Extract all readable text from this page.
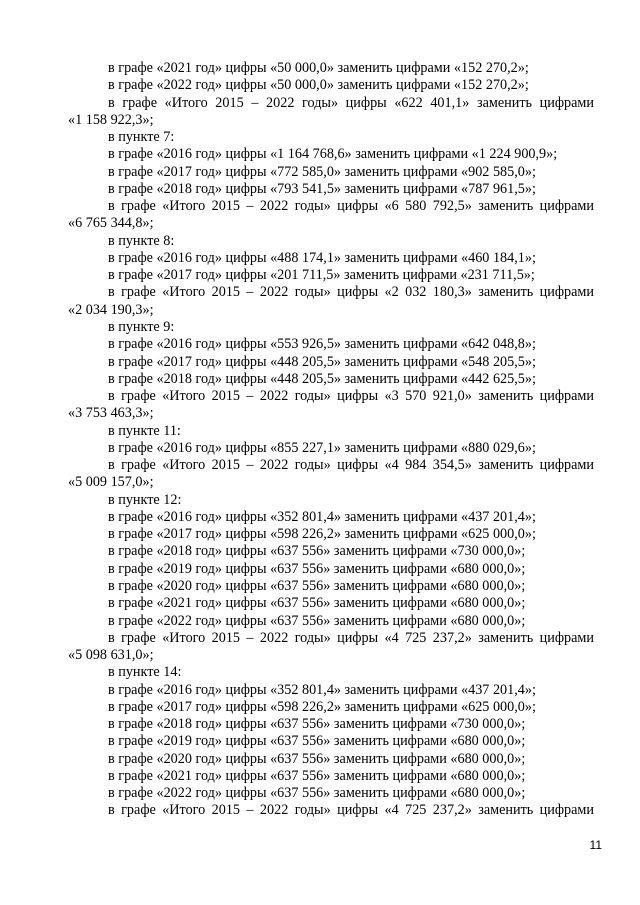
в графе «2021 год» цифры «50 000,0» заменить цифрами «152 270,2»;
в графе «2022 год» цифры «50 000,0» заменить цифрами «152 270,2»;
в графе «Итого 2015 – 2022 годы» цифры «622 401,1» заменить цифрами
«1 158 922,3»;
в пункте 7:
в графе «2016 год» цифры «1 164 768,6» заменить цифрами «1 224 900,9»;
в графе «2017 год» цифры «772 585,0» заменить цифрами «902 585,0»;
в графе «2018 год» цифры «793 541,5» заменить цифрами «787 961,5»;
в графе «Итого 2015 – 2022 годы» цифры «6 580 792,5» заменить цифрами
«6 765 344,8»;
в пункте 8:
в графе «2016 год» цифры «488 174,1» заменить цифрами «460 184,1»;
в графе «2017 год» цифры «201 711,5» заменить цифрами «231 711,5»;
в графе «Итого 2015 – 2022 годы» цифры «2 032 180,3» заменить цифрами
«2 034 190,3»;
в пункте 9:
в графе «2016 год» цифры «553 926,5» заменить цифрами «642 048,8»;
в графе «2017 год» цифры «448 205,5» заменить цифрами «548 205,5»;
в графе «2018 год» цифры «448 205,5» заменить цифрами «442 625,5»;
в графе «Итого 2015 – 2022 годы» цифры «3 570 921,0» заменить цифрами
«3 753 463,3»;
в пункте 11:
в графе «2016 год» цифры «855 227,1» заменить цифрами «880 029,6»;
в графе «Итого 2015 – 2022 годы» цифры «4 984 354,5» заменить цифрами
«5 009 157,0»;
в пункте 12:
в графе «2016 год» цифры «352 801,4» заменить цифрами «437 201,4»;
в графе «2017 год» цифры «598 226,2» заменить цифрами «625 000,0»;
в графе «2018 год» цифры «637 556» заменить цифрами «730 000,0»;
в графе «2019 год» цифры «637 556» заменить цифрами «680 000,0»;
в графе «2020 год» цифры «637 556» заменить цифрами «680 000,0»;
в графе «2021 год» цифры «637 556» заменить цифрами «680 000,0»;
в графе «2022 год» цифры «637 556» заменить цифрами «680 000,0»;
в графе «Итого 2015 – 2022 годы» цифры «4 725 237,2» заменить цифрами
«5 098 631,0»;
в пункте 14:
в графе «2016 год» цифры «352 801,4» заменить цифрами «437 201,4»;
в графе «2017 год» цифры «598 226,2» заменить цифрами «625 000,0»;
в графе «2018 год» цифры «637 556» заменить цифрами «730 000,0»;
в графе «2019 год» цифры «637 556» заменить цифрами «680 000,0»;
в графе «2020 год» цифры «637 556» заменить цифрами «680 000,0»;
в графе «2021 год» цифры «637 556» заменить цифрами «680 000,0»;
в графе «2022 год» цифры «637 556» заменить цифрами «680 000,0»;
в графе «Итого 2015 – 2022 годы» цифры «4 725 237,2» заменить цифрами
11
